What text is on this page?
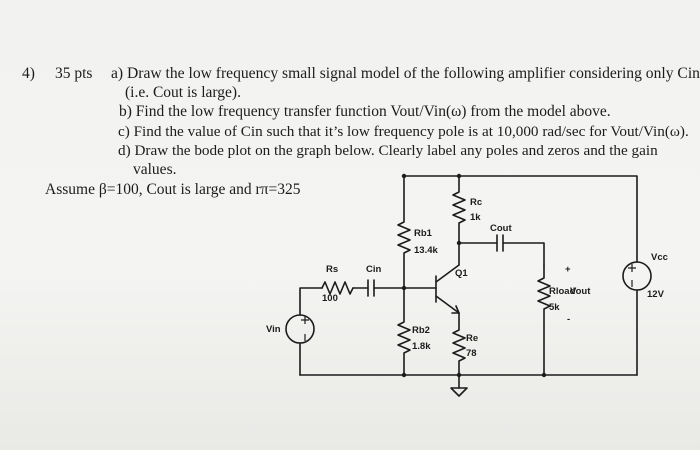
4) 35 pts a) Draw the low frequency small signal model of the following amplifier considering only Cin
(i.e. Cout is large).
b) Find the low frequency transfer function Vout/Vin(ω) from the model above.
c) Find the value of Cin such that it’s low frequency pole is at 10,000 rad/sec for Vout/Vin(ω).
d) Draw the bode plot on the graph below. Clearly label any poles and zeros and the gain
values.
Assume β=100, Cout is large and rπ=325
Rc
1k
Rb1
13.4k
Cout
Vcc
12V
Rs
100
Cin	Q1	+
Rload
Vout
5k
-
Vin	Rb2
1.8k
Re
78
